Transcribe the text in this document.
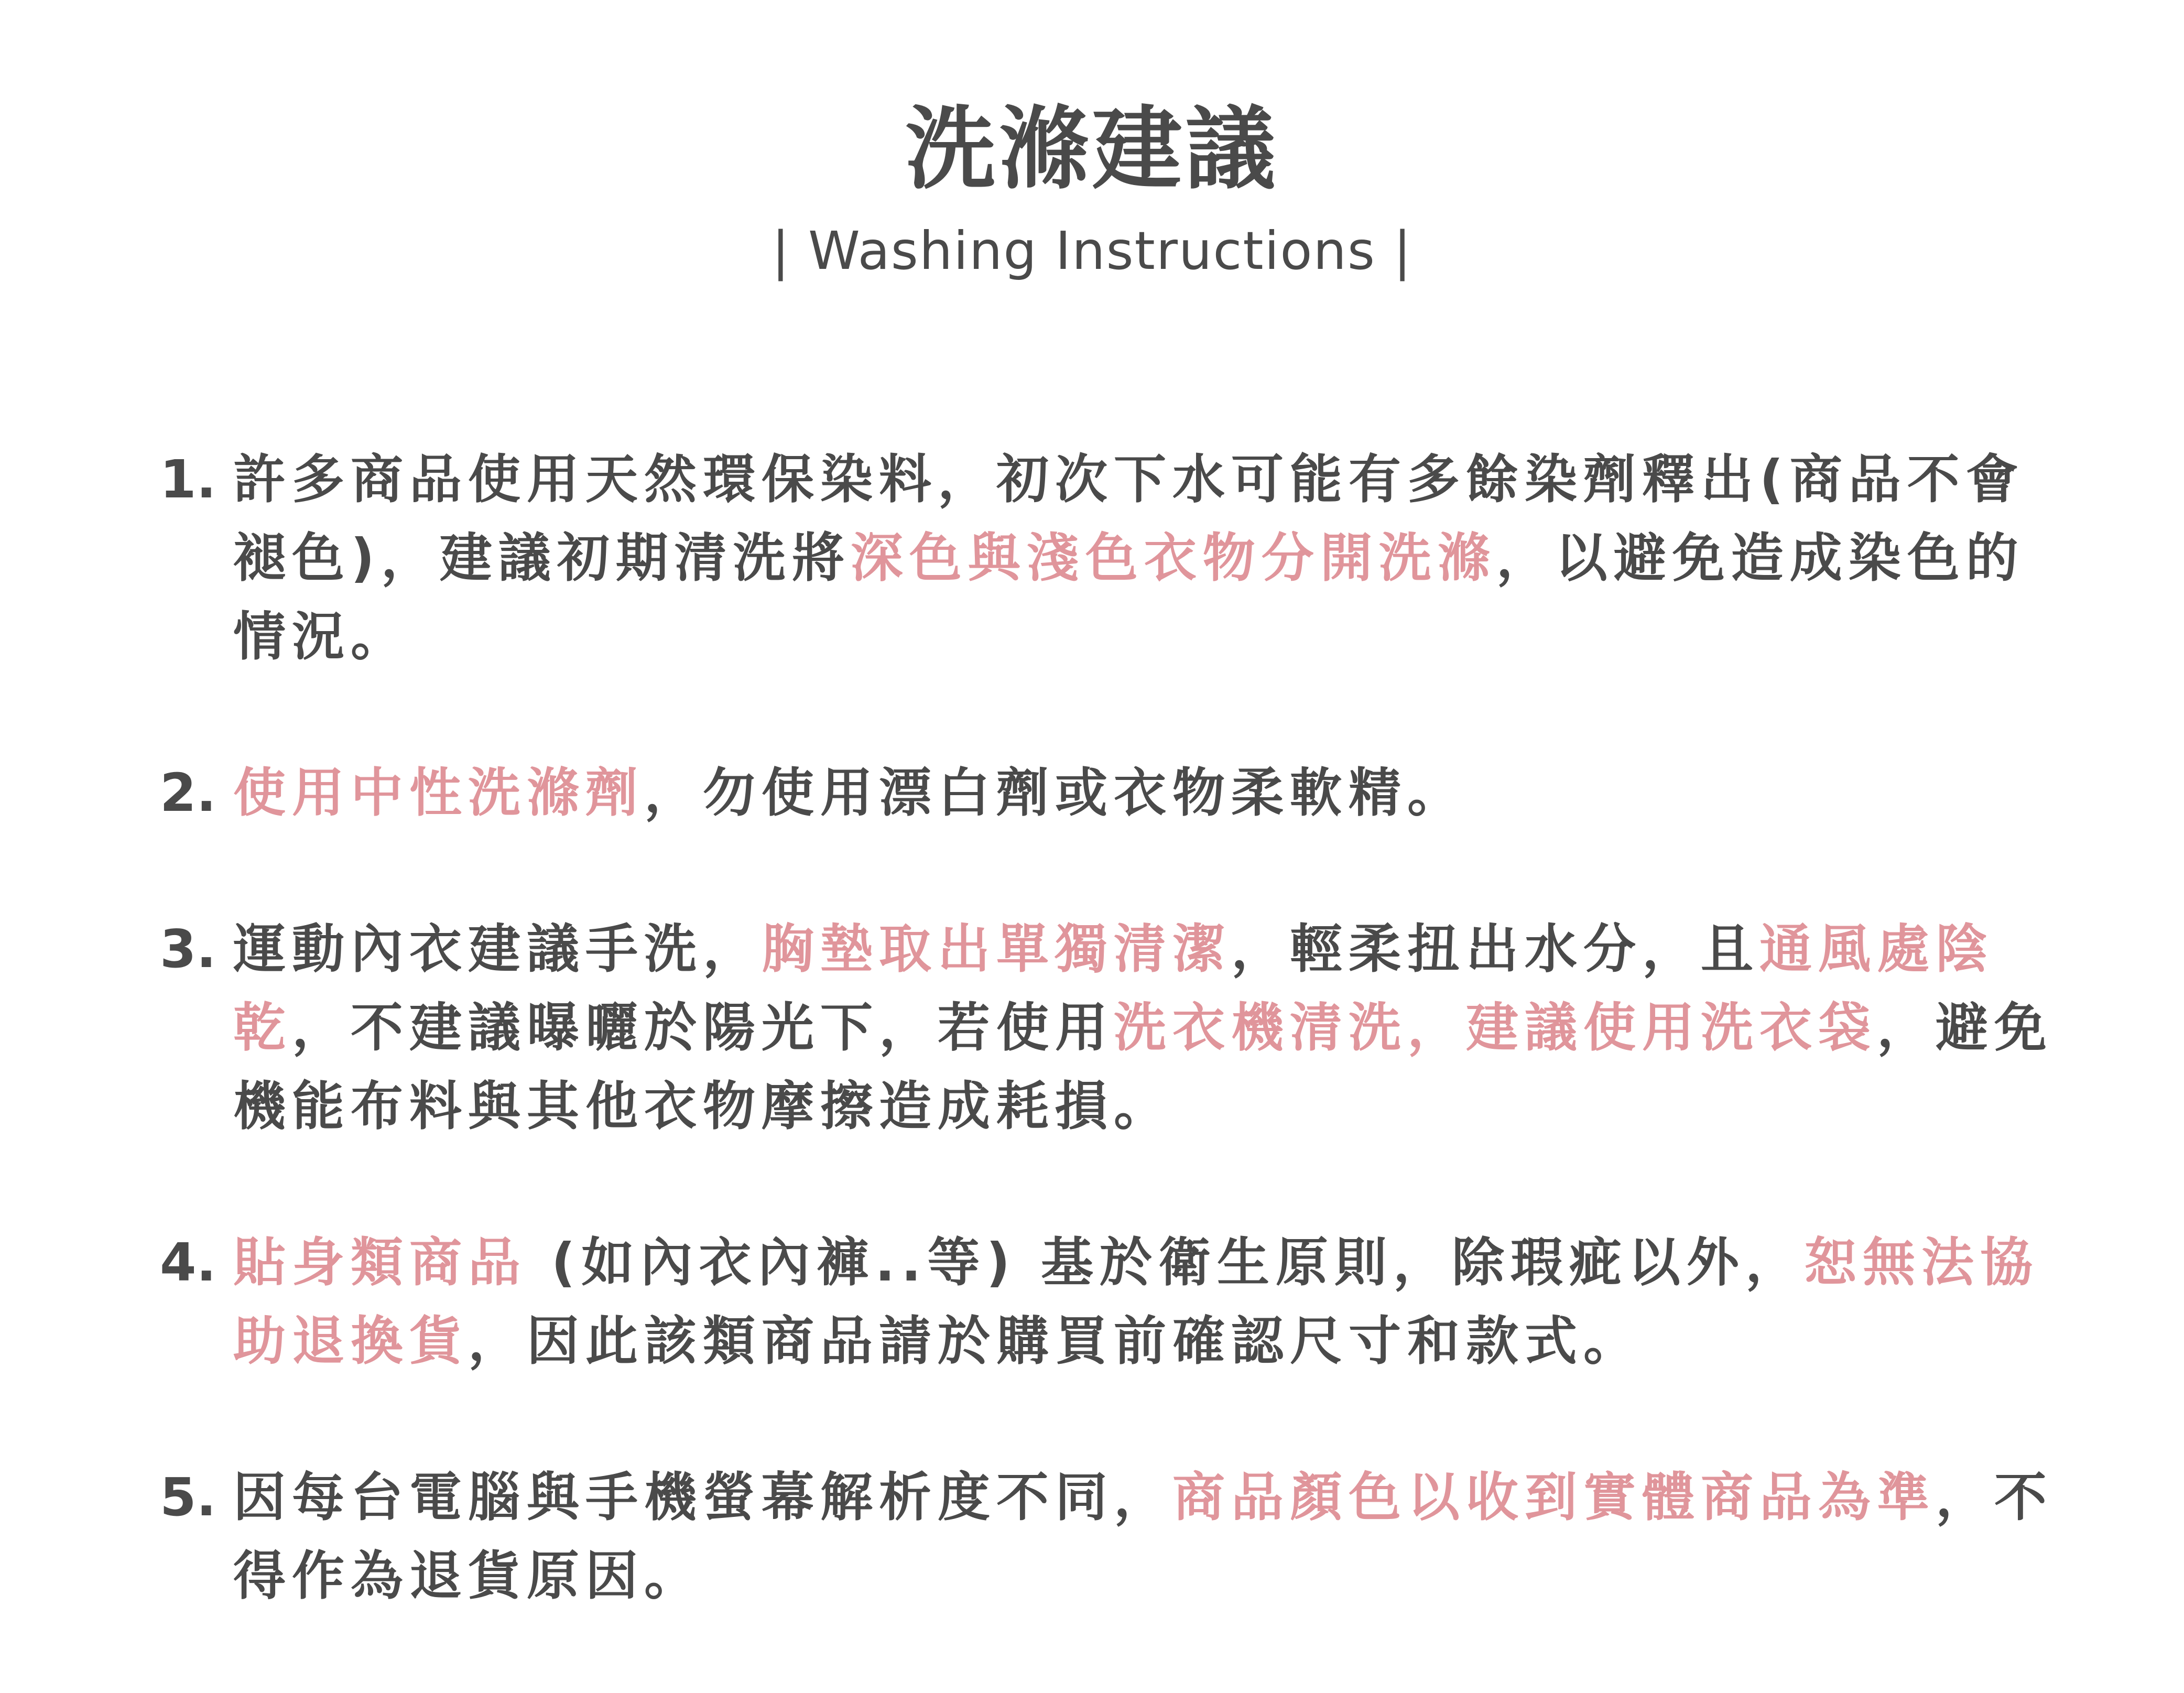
洗滌建議
| Washing Instructions |
1. 許多商品使用天然環保染料，初次下水可能有多餘染劑釋出(商品不會褪色)，建議初期清洗將深色與淺色衣物分開洗滌，以避免造成染色的情況。
2. 使用中性洗滌劑，勿使用漂白劑或衣物柔軟精。
3. 運動內衣建議手洗，胸墊取出單獨清潔，輕柔扭出水分，且通風處陰乾，不建議曝曬於陽光下，若使用洗衣機清洗，建議使用洗衣袋，避免機能布料與其他衣物摩擦造成耗損。
4. 貼身類商品 (如內衣內褲..等) 基於衛生原則，除瑕疵以外，恕無法協助退換貨，因此該類商品請於購買前確認尺寸和款式。
5. 因每台電腦與手機螢幕解析度不同，商品顏色以收到實體商品為準，不得作為退貨原因。
